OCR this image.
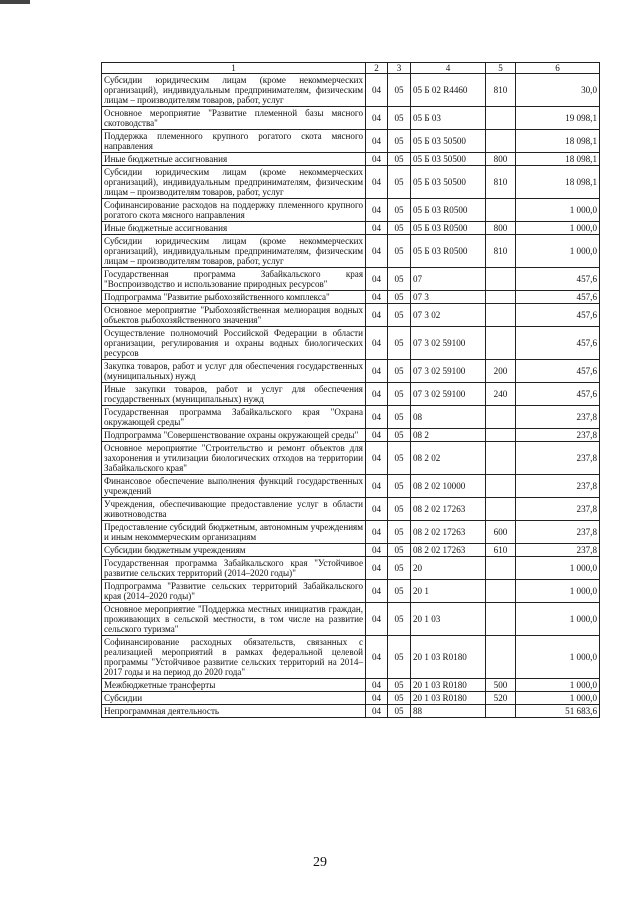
1	2	3	4	5	6
Субсидии юридическим лицам (кроме некоммерческих организаций), индивидуальным предпринимателям, физическим лицам – производителям товаров, работ, услуг	04	05	05 Б 02 R4460	810	30,0
Основное мероприятие "Развитие племенной базы мясного скотоводства"	04	05	05 Б 03		19 098,1
Поддержка племенного крупного рогатого скота мясного направления	04	05	05 Б 03 50500		18 098,1
Иные бюджетные ассигнования	04	05	05 Б 03 50500	800	18 098,1
Субсидии юридическим лицам (кроме некоммерческих организаций), индивидуальным предпринимателям, физическим лицам – производителям товаров, работ, услуг	04	05	05 Б 03 50500	810	18 098,1
Софинансирование расходов на поддержку племенного крупного рогатого скота мясного направления	04	05	05 Б 03 R0500		1 000,0
Иные бюджетные ассигнования	04	05	05 Б 03 R0500	800	1 000,0
Субсидии юридическим лицам (кроме некоммерческих организаций), индивидуальным предпринимателям, физическим лицам – производителям товаров, работ, услуг	04	05	05 Б 03 R0500	810	1 000,0
Государственная программа Забайкальского края "Воспроизводство и использование природных ресурсов"	04	05	07		457,6
Подпрограмма "Развитие рыбохозяйственного комплекса"	04	05	07 3		457,6
Основное мероприятие "Рыбохозяйственная мелиорация водных объектов рыбохозяйственного значения"	04	05	07 3 02		457,6
Осуществление полномочий Российской Федерации в области организации, регулирования и охраны водных биологических ресурсов	04	05	07 3 02 59100		457,6
Закупка товаров, работ и услуг для обеспечения государственных (муниципальных) нужд	04	05	07 3 02 59100	200	457,6
Иные закупки товаров, работ и услуг для обеспечения государственных (муниципальных) нужд	04	05	07 3 02 59100	240	457,6
Государственная программа Забайкальского края "Охрана окружающей среды"	04	05	08		237,8
Подпрограмма "Совершенствование охраны окружающей среды"	04	05	08 2		237,8
Основное мероприятие "Строительство и ремонт объектов для захоронения и утилизации биологических отходов на территории Забайкальского края"	04	05	08 2 02		237,8
Финансовое обеспечение выполнения функций государственных учреждений	04	05	08 2 02 10000		237,8
Учреждения, обеспечивающие предоставление услуг в области животноводства	04	05	08 2 02 17263		237,8
Предоставление субсидий бюджетным, автономным учреждениям и иным некоммерческим организациям	04	05	08 2 02 17263	600	237,8
Субсидии бюджетным учреждениям	04	05	08 2 02 17263	610	237,8
Государственная программа Забайкальского края "Устойчивое развитие сельских территорий (2014–2020 годы)"	04	05	20		1 000,0
Подпрограмма "Развитие сельских территорий Забайкальского края (2014–2020 годы)"	04	05	20 1		1 000,0
Основное мероприятие "Поддержка местных инициатив граждан, проживающих в сельской местности, в том числе на развитие сельского туризма"	04	05	20 1 03		1 000,0
Софинансирование расходных обязательств, связанных с реализацией мероприятий в рамках федеральной целевой программы "Устойчивое развитие сельских территорий на 2014–2017 годы и на период до 2020 года"	04	05	20 1 03 R0180		1 000,0
Межбюджетные трансферты	04	05	20 1 03 R0180	500	1 000,0
Субсидии	04	05	20 1 03 R0180	520	1 000,0
Непрограммная деятельность	04	05	88		51 683,6
29
